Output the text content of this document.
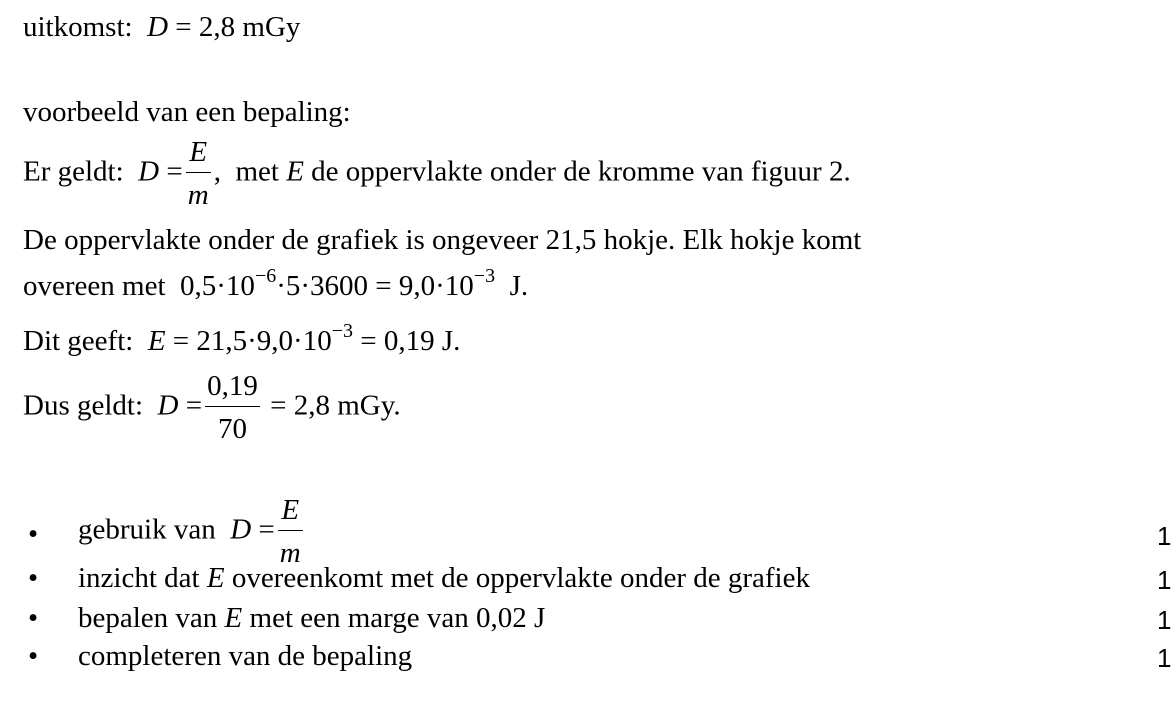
uitkomst: D = 2,8 mGy
voorbeeld van een bepaling:
Er geldt: $D = \frac{E}{m}$ , met E de oppervlakte onder de kromme van figuur 2.
De oppervlakte onder de grafiek is ongeveer 21,5 hokje. Elk hokje komt
overeen met $0,5\cdot 10^{-6}\cdot 5\cdot 3600 = 9,0\cdot 10^{-3}$ J.
Dit geeft: $E = 21,5\cdot 9,0\cdot 10^{-3} = 0,19$ J.
Dus geldt: $D = \frac{0,19}{70} = 2,8$ mGy.
• gebruik van $D = \frac{E}{m}$	1
• inzicht dat E overeenkomt met de oppervlakte onder de grafiek	1
• bepalen van E met een marge van 0,02 J	1
• completeren van de bepaling	1
